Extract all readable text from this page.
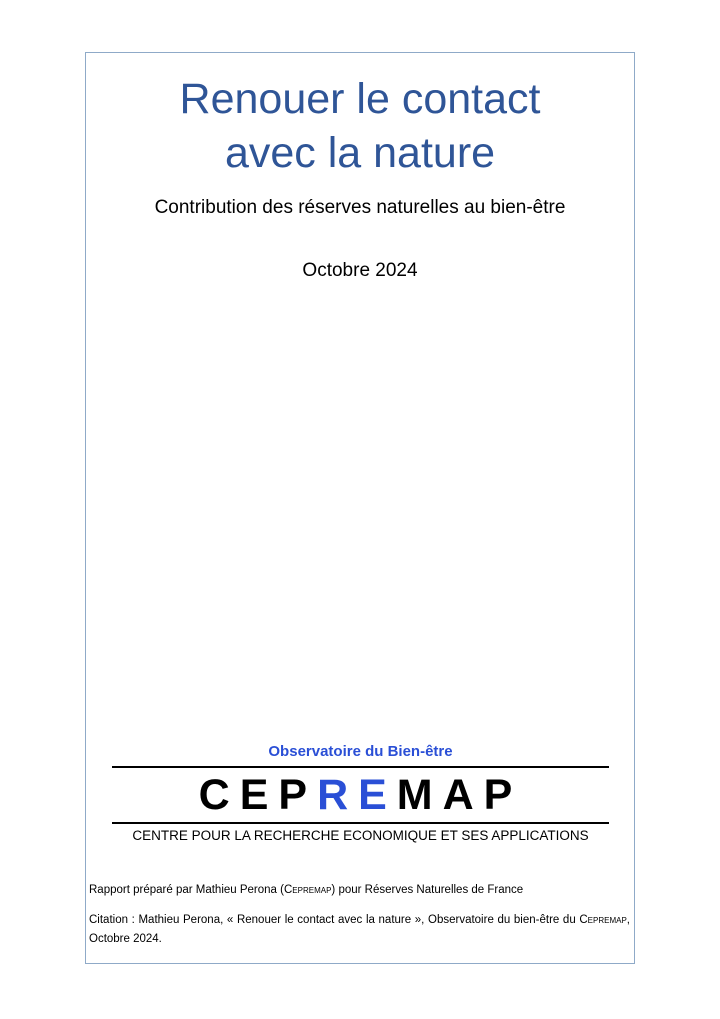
Renouer le contact
avec la nature
Contribution des réserves naturelles au bien-être
Octobre 2024
Observatoire du Bien-être
CEPREMAP
CENTRE POUR LA RECHERCHE ECONOMIQUE ET SES APPLICATIONS
Rapport préparé par Mathieu Perona (Cepremap) pour Réserves Naturelles de France
Citation : Mathieu Perona, « Renouer le contact avec la nature », Observatoire du bien-être du Cepremap, Octobre 2024.
